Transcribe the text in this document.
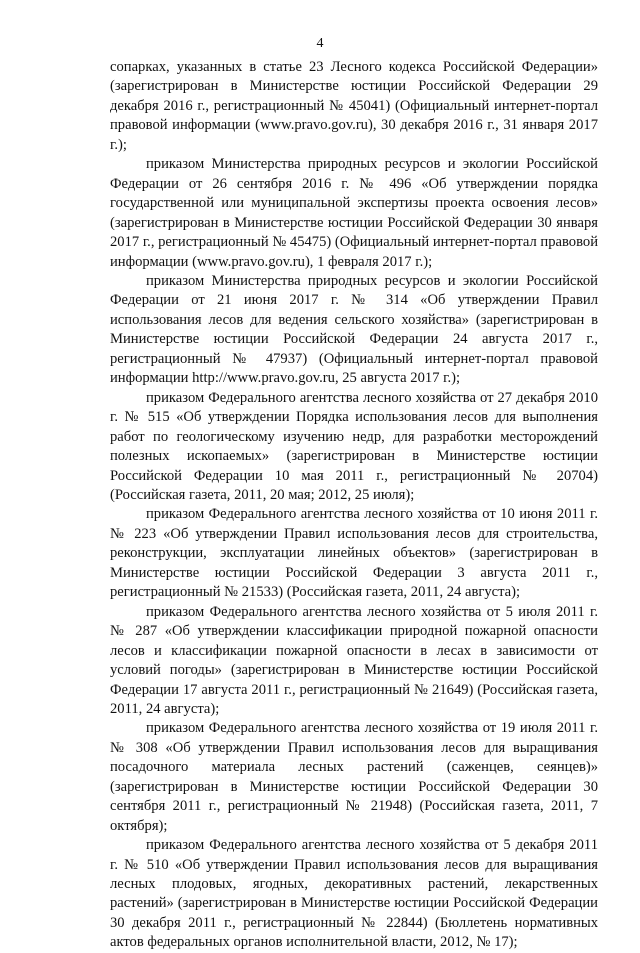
4

сопарках, указанных в статье 23 Лесного кодекса Российской Федерации» (зарегистрирован в Министерстве юстиции Российской Федерации 29 декабря 2016 г., регистрационный № 45041) (Официальный интернет-портал правовой информации (www.pravo.gov.ru), 30 декабря 2016 г., 31 января 2017 г.);

приказом Министерства природных ресурсов и экологии Российской Федерации от 26 сентября 2016 г. № 496 «Об утверждении порядка государственной или муниципальной экспертизы проекта освоения лесов» (зарегистрирован в Министерстве юстиции Российской Федерации 30 января 2017 г., регистрационный № 45475) (Официальный интернет-портал правовой информации (www.pravo.gov.ru), 1 февраля 2017 г.);

приказом Министерства природных ресурсов и экологии Российской Федерации от 21 июня 2017 г. № 314 «Об утверждении Правил использования лесов для ведения сельского хозяйства» (зарегистрирован в Министерстве юстиции Российской Федерации 24 августа 2017 г., регистрационный № 47937) (Официальный интернет-портал правовой информации http://www.pravo.gov.ru, 25 августа 2017 г.);

приказом Федерального агентства лесного хозяйства от 27 декабря 2010 г. № 515 «Об утверждении Порядка использования лесов для выполнения работ по геологическому изучению недр, для разработки месторождений полезных ископаемых» (зарегистрирован в Министерстве юстиции Российской Федерации 10 мая 2011 г., регистрационный № 20704) (Российская газета, 2011, 20 мая; 2012, 25 июля);

приказом Федерального агентства лесного хозяйства от 10 июня 2011 г. № 223 «Об утверждении Правил использования лесов для строительства, реконструкции, эксплуатации линейных объектов» (зарегистрирован в Министерстве юстиции Российской Федерации 3 августа 2011 г., регистрационный № 21533) (Российская газета, 2011, 24 августа);

приказом Федерального агентства лесного хозяйства от 5 июля 2011 г. № 287 «Об утверждении классификации природной пожарной опасности лесов и классификации пожарной опасности в лесах в зависимости от условий погоды» (зарегистрирован в Министерстве юстиции Российской Федерации 17 августа 2011 г., регистрационный № 21649) (Российская газета, 2011, 24 августа);

приказом Федерального агентства лесного хозяйства от 19 июля 2011 г. № 308 «Об утверждении Правил использования лесов для выращивания посадочного материала лесных растений (саженцев, сеянцев)» (зарегистрирован в Министерстве юстиции Российской Федерации 30 сентября 2011 г., регистрационный № 21948) (Российская газета, 2011, 7 октября);

приказом Федерального агентства лесного хозяйства от 5 декабря 2011 г. № 510 «Об утверждении Правил использования лесов для выращивания лесных плодовых, ягодных, декоративных растений, лекарственных растений» (зарегистрирован в Министерстве юстиции Российской Федерации 30 декабря 2011 г., регистрационный № 22844) (Бюллетень нормативных актов федеральных органов исполнительной власти, 2012, № 17);
